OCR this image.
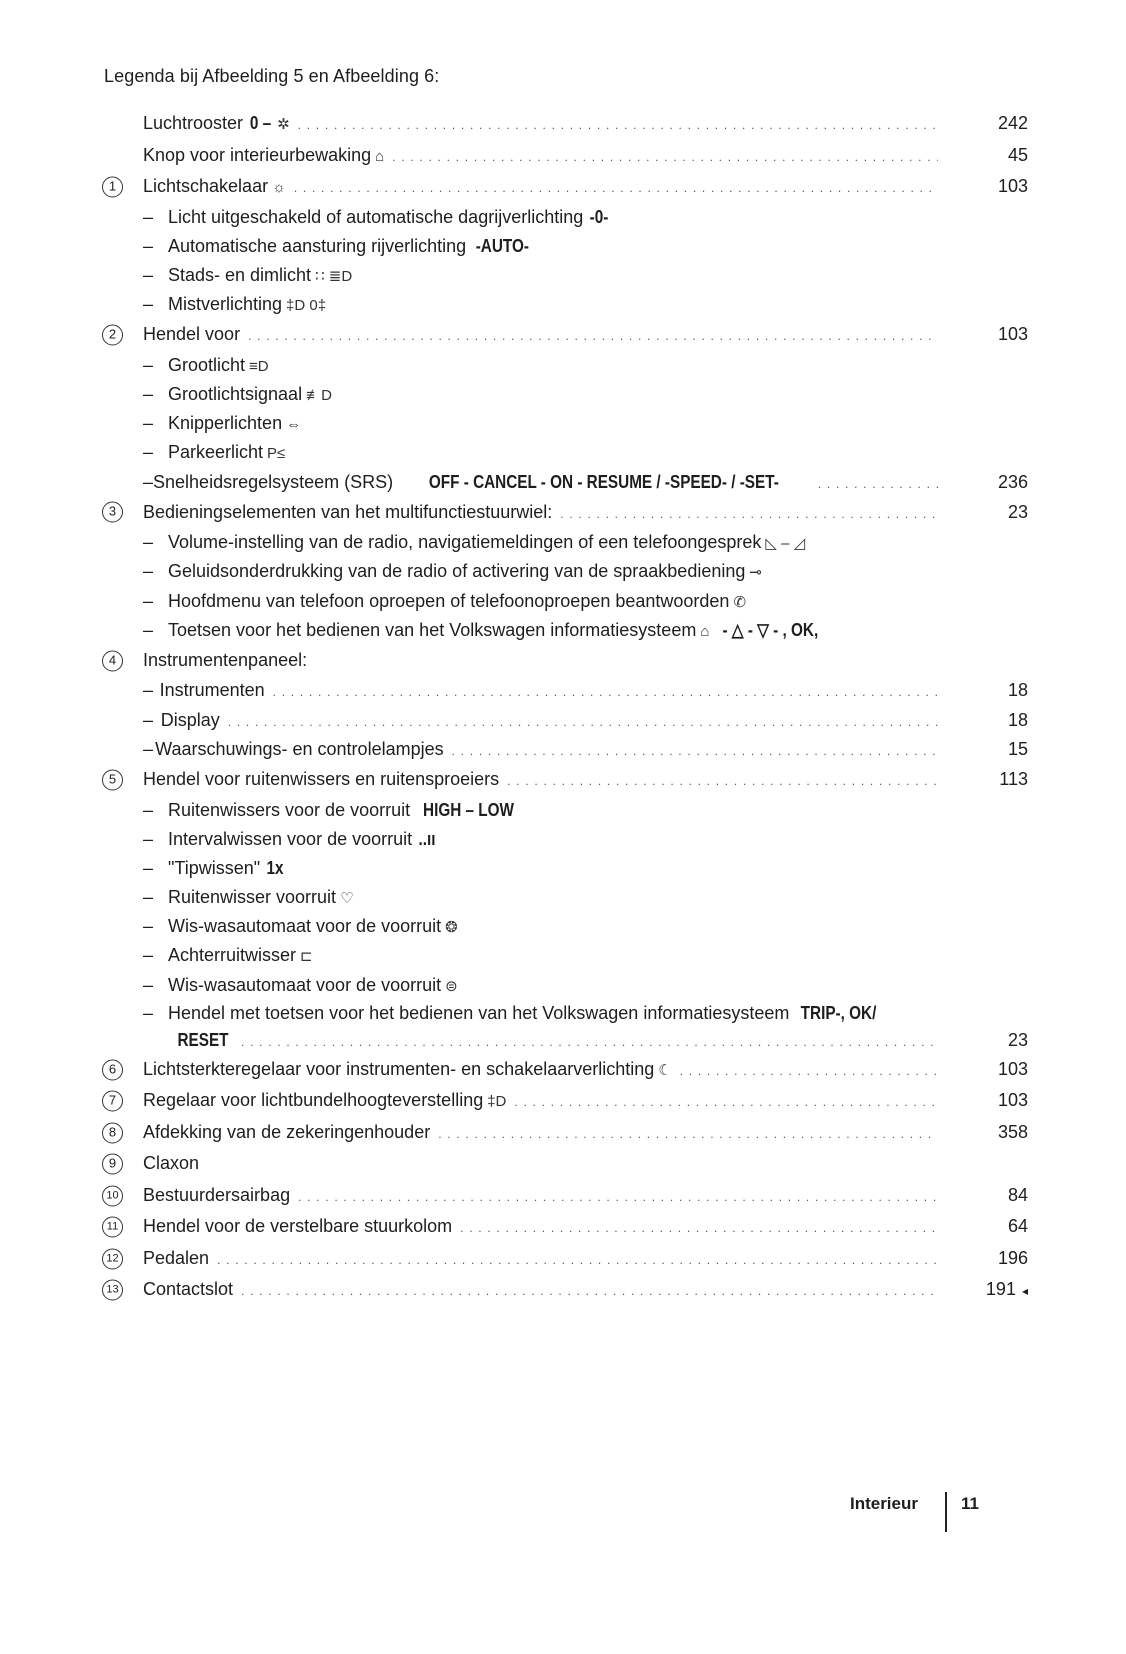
Legenda bij Afbeelding 5 en Afbeelding 6:
Luchtrooster 0 –✲ . . .	242
Knop voor interieurbewaking ⌂ . . .	45
1	Lichtschakelaar ☼ . . .	103
– Licht uitgeschakeld of automatische dagrijverlichting -0-
– Automatische aansturing rijverlichting -AUTO-
– Stads- en dimlicht ∷ ≣D
– Mistverlichting ‡D 0‡
2	Hendel voor . . .	103
– Grootlicht ≡D
– Grootlichtsignaal ≢D
– Knipperlichten ⇔
– Parkeerlicht P≤
– Snelheidsregelsysteem (SRS) OFF - CANCEL - ON - RESUME / -SPEED- / -SET- . . .	236
3	Bedieningselementen van het multifunctiestuurwiel: . . .	23
– Volume-instelling van de radio, navigatiemeldingen of een telefoongesprek ◺ – ◿
– Geluidsonderdrukking van de radio of activering van de spraakbediening ⊸
– Hoofdmenu van telefoon oproepen of telefoonoproepen beantwoorden ✆
– Toetsen voor het bedienen van het Volkswagen informatiesysteem ⌂ - △ - ▽ - , OK,
4	Instrumentenpaneel:
– Instrumenten . . .	18
– Display . . .	18
– Waarschuwings- en controlelampjes . . .	15
5	Hendel voor ruitenwissers en ruitensproeiers . . .	113
– Ruitenwissers voor de voorruit HIGH – LOW
– Intervalwissen voor de voorruit ..ıı
– "Tipwissen" 1x
– Ruitenwisser voorruit ♡
– Wis-wasautomaat voor de voorruit ❂
– Achterruitwisser ⊏
– Wis-wasautomaat voor de voorruit ⊜
– Hendel met toetsen voor het bedienen van het Volkswagen informatiesysteem TRIP-, OK/
RESET . . .	23
6	Lichtsterkteregelaar voor instrumenten- en schakelaarverlichting ☾ . . .	103
7	Regelaar voor lichtbundelhoogteverstelling ‡D . . .	103
8	Afdekking van de zekeringenhouder . . .	358
9	Claxon
10 Bestuurdersairbag . . .	84
11 Hendel voor de verstelbare stuurkolom . . .	64
12 Pedalen . . .	196
13 Contactslot . . .	191 ◂
Interieur	11
